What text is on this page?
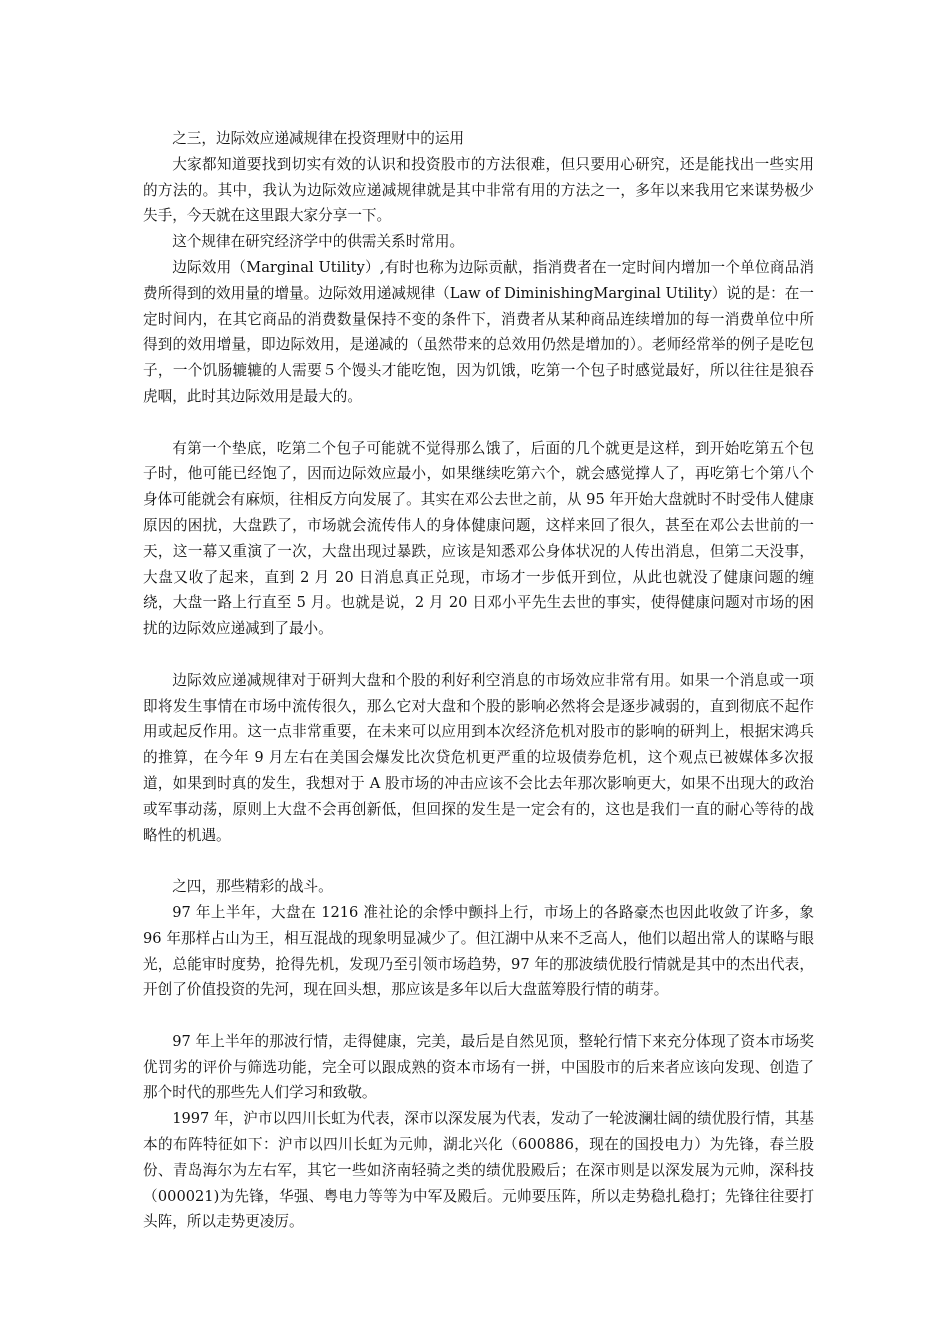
之三，边际效应递减规律在投资理财中的运用

大家都知道要找到切实有效的认识和投资股市的方法很难，但只要用心研究，还是能找出一些实用的方法的。其中，我认为边际效应递减规律就是其中非常有用的方法之一，多年以来我用它来谋势极少失手，今天就在这里跟大家分享一下。

这个规律在研究经济学中的供需关系时常用。

边际效用（Marginal Utility）,有时也称为边际贡献，指消费者在一定时间内增加一个单位商品消费所得到的效用量的增量。边际效用递减规律（Law of DiminishingMarginal Utility）说的是：在一定时间内，在其它商品的消费数量保持不变的条件下，消费者从某种商品连续增加的每一消费单位中所得到的效用增量，即边际效用，是递减的（虽然带来的总效用仍然是增加的）。老师经常举的例子是吃包子，一个饥肠辘辘的人需要５个馒头才能吃饱，因为饥饿，吃第一个包子时感觉最好，所以往往是狼吞虎咽，此时其边际效用是最大的。

有第一个垫底，吃第二个包子可能就不觉得那么饿了，后面的几个就更是这样，到开始吃第五个包子时，他可能已经饱了，因而边际效应最小，如果继续吃第六个，就会感觉撑人了，再吃第七个第八个身体可能就会有麻烦，往相反方向发展了。其实在邓公去世之前，从 95 年开始大盘就时不时受伟人健康原因的困扰，大盘跌了，市场就会流传伟人的身体健康问题，这样来回了很久，甚至在邓公去世前的一天，这一幕又重演了一次，大盘出现过暴跌，应该是知悉邓公身体状况的人传出消息，但第二天没事，大盘又收了起来，直到 2 月 20 日消息真正兑现，市场才一步低开到位，从此也就没了健康问题的缠绕，大盘一路上行直至 5 月。也就是说，2 月 20 日邓小平先生去世的事实，使得健康问题对市场的困扰的边际效应递减到了最小。

边际效应递减规律对于研判大盘和个股的利好利空消息的市场效应非常有用。如果一个消息或一项即将发生事情在市场中流传很久，那么它对大盘和个股的影响必然将会是逐步减弱的，直到彻底不起作用或起反作用。这一点非常重要，在未来可以应用到本次经济危机对股市的影响的研判上，根据宋鸿兵的推算，在今年 9 月左右在美国会爆发比次贷危机更严重的垃圾债券危机，这个观点已被媒体多次报道，如果到时真的发生，我想对于 A 股市场的冲击应该不会比去年那次影响更大，如果不出现大的政治或军事动荡，原则上大盘不会再创新低，但回探的发生是一定会有的，这也是我们一直的耐心等待的战略性的机遇。

之四，那些精彩的战斗。

97 年上半年，大盘在 1216 准社论的余悸中颤抖上行，市场上的各路豪杰也因此收敛了许多，象 96 年那样占山为王，相互混战的现象明显减少了。但江湖中从来不乏高人，他们以超出常人的谋略与眼光，总能审时度势，抢得先机，发现乃至引领市场趋势，97 年的那波绩优股行情就是其中的杰出代表，开创了价值投资的先河，现在回头想，那应该是多年以后大盘蓝筹股行情的萌芽。

97 年上半年的那波行情，走得健康，完美，最后是自然见顶，整轮行情下来充分体现了资本市场奖优罚劣的评价与筛选功能，完全可以跟成熟的资本市场有一拼，中国股市的后来者应该向发现、创造了那个时代的那些先人们学习和致敬。

1997 年，沪市以四川长虹为代表，深市以深发展为代表，发动了一轮波澜壮阔的绩优股行情，其基本的布阵特征如下：沪市以四川长虹为元帅，湖北兴化（600886，现在的国投电力）为先锋，春兰股份、青岛海尔为左右军，其它一些如济南轻骑之类的绩优股殿后；在深市则是以深发展为元帅，深科技（000021)为先锋，华强、粤电力等等为中军及殿后。元帅要压阵，所以走势稳扎稳打；先锋往往要打头阵，所以走势更凌厉。
